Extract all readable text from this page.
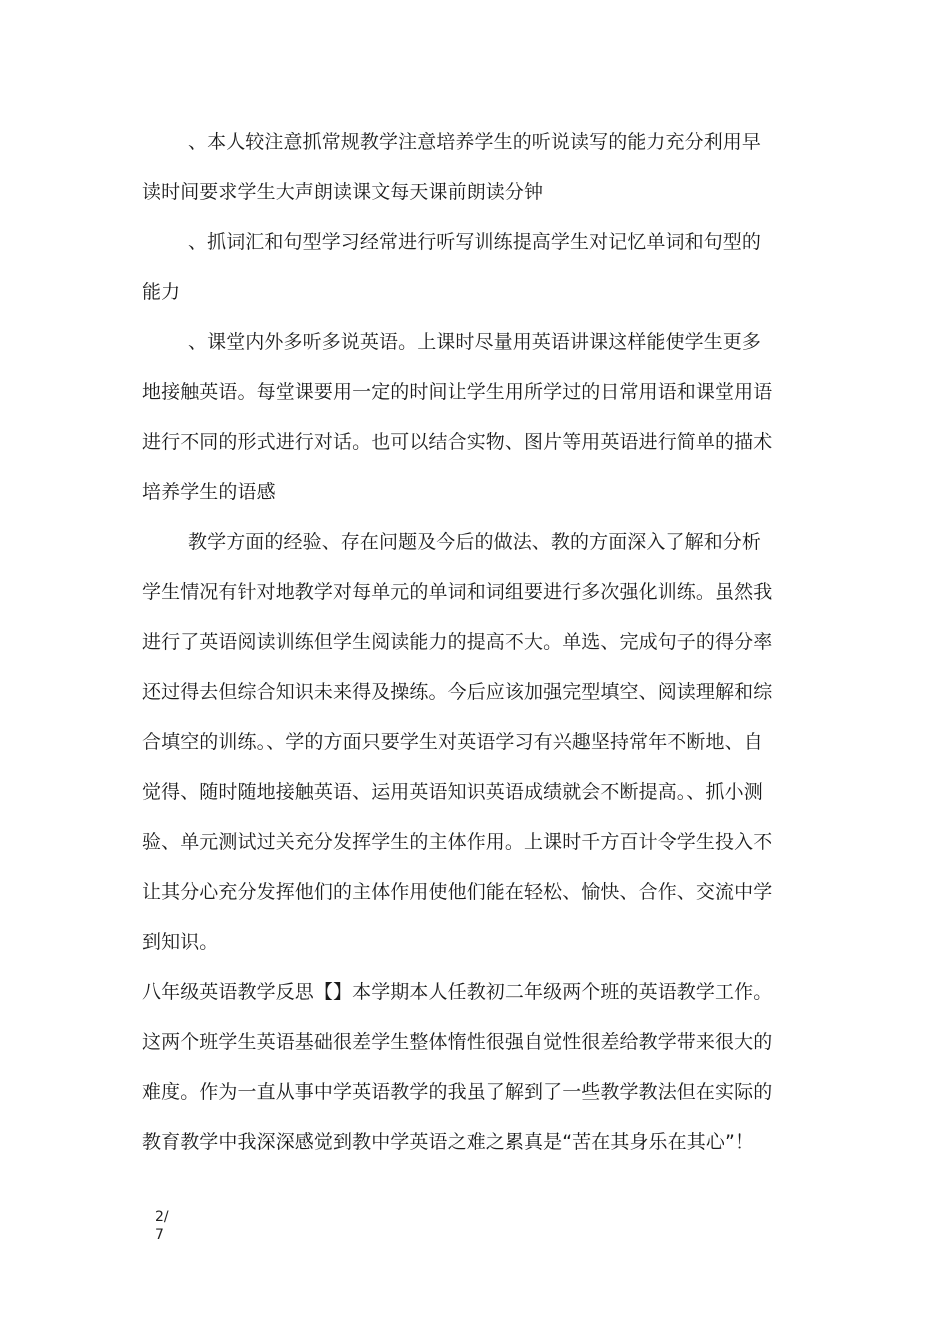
、本人较注意抓常规教学注意培养学生的听说读写的能力充分利用早
读时间要求学生大声朗读课文每天课前朗读分钟
、抓词汇和句型学习经常进行听写训练提高学生对记忆单词和句型的
能力
、课堂内外多听多说英语。上课时尽量用英语讲课这样能使学生更多
地接触英语。每堂课要用一定的时间让学生用所学过的日常用语和课堂用语
进行不同的形式进行对话。也可以结合实物、图片等用英语进行简单的描术
培养学生的语感
教学方面的经验、存在问题及今后的做法、教的方面深入了解和分析
学生情况有针对地教学对每单元的单词和词组要进行多次强化训练。虽然我
进行了英语阅读训练但学生阅读能力的提高不大。单选、完成句子的得分率
还过得去但综合知识未来得及操练。今后应该加强完型填空、阅读理解和综
合填空的训练。、学的方面只要学生对英语学习有兴趣坚持常年不断地、自
觉得、随时随地接触英语、运用英语知识英语成绩就会不断提高。、抓小测
验、单元测试过关充分发挥学生的主体作用。上课时千方百计令学生投入不
让其分心充分发挥他们的主体作用使他们能在轻松、愉快、合作、交流中学
到知识。
八年级英语教学反思【】本学期本人任教初二年级两个班的英语教学工作。
这两个班学生英语基础很差学生整体惰性很强自觉性很差给教学带来很大的
难度。作为一直从事中学英语教学的我虽了解到了一些教学教法但在实际的
教育教学中我深深感觉到教中学英语之难之累真是“苦在其身乐在其心”！
2/
7
